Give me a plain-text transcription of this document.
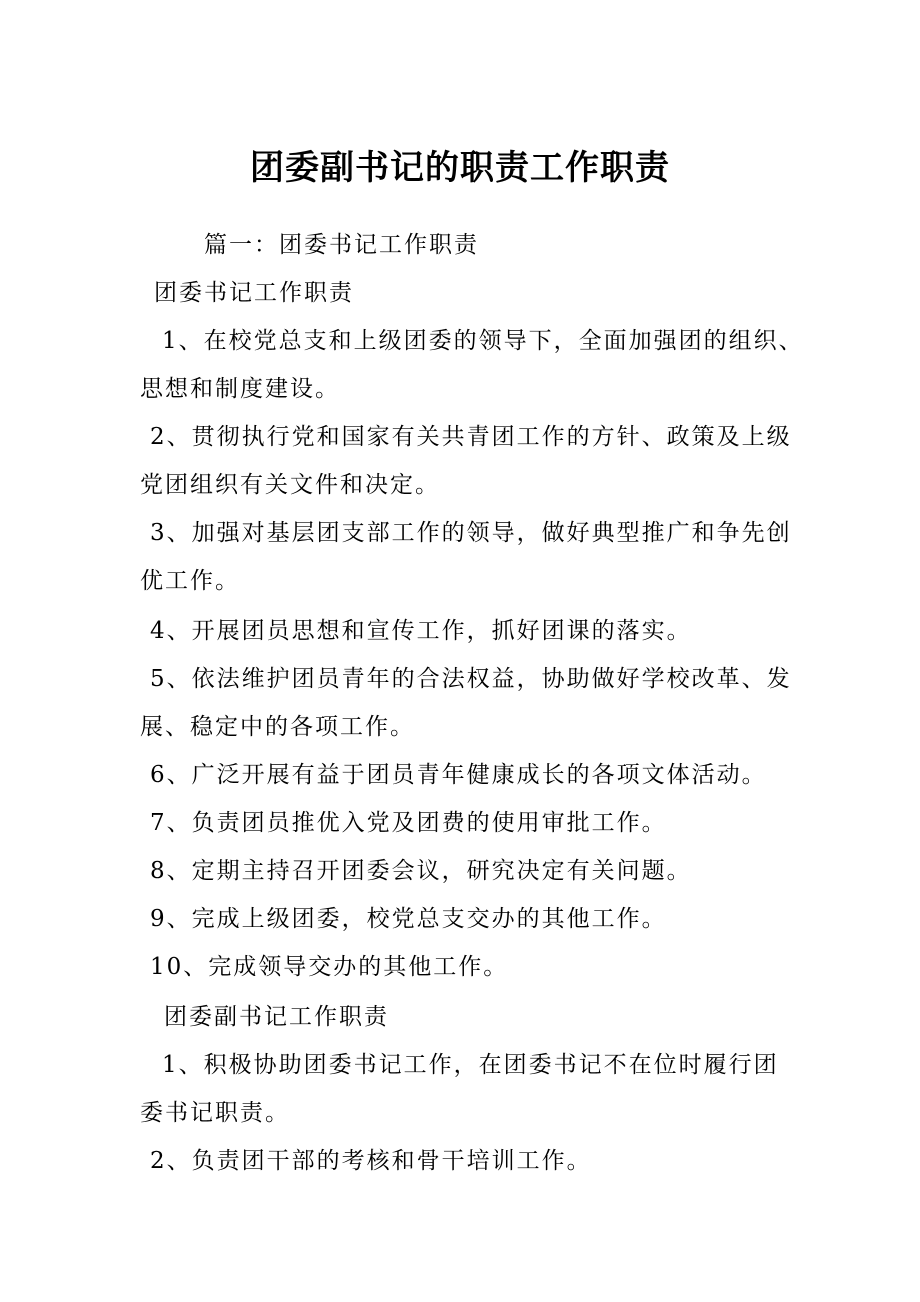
团委副书记的职责工作职责
篇一：团委书记工作职责
团委书记工作职责
1、在校党总支和上级团委的领导下，全面加强团的组织、
思想和制度建设。
2、贯彻执行党和国家有关共青团工作的方针、政策及上级
党团组织有关文件和决定。
3、加强对基层团支部工作的领导，做好典型推广和争先创
优工作。
4、开展团员思想和宣传工作，抓好团课的落实。
5、依法维护团员青年的合法权益，协助做好学校改革、发
展、稳定中的各项工作。
6、广泛开展有益于团员青年健康成长的各项文体活动。
7、负责团员推优入党及团费的使用审批工作。
8、定期主持召开团委会议，研究决定有关问题。
9、完成上级团委，校党总支交办的其他工作。
10、完成领导交办的其他工作。
团委副书记工作职责
1、积极协助团委书记工作，在团委书记不在位时履行团
委书记职责。
2、负责团干部的考核和骨干培训工作。
